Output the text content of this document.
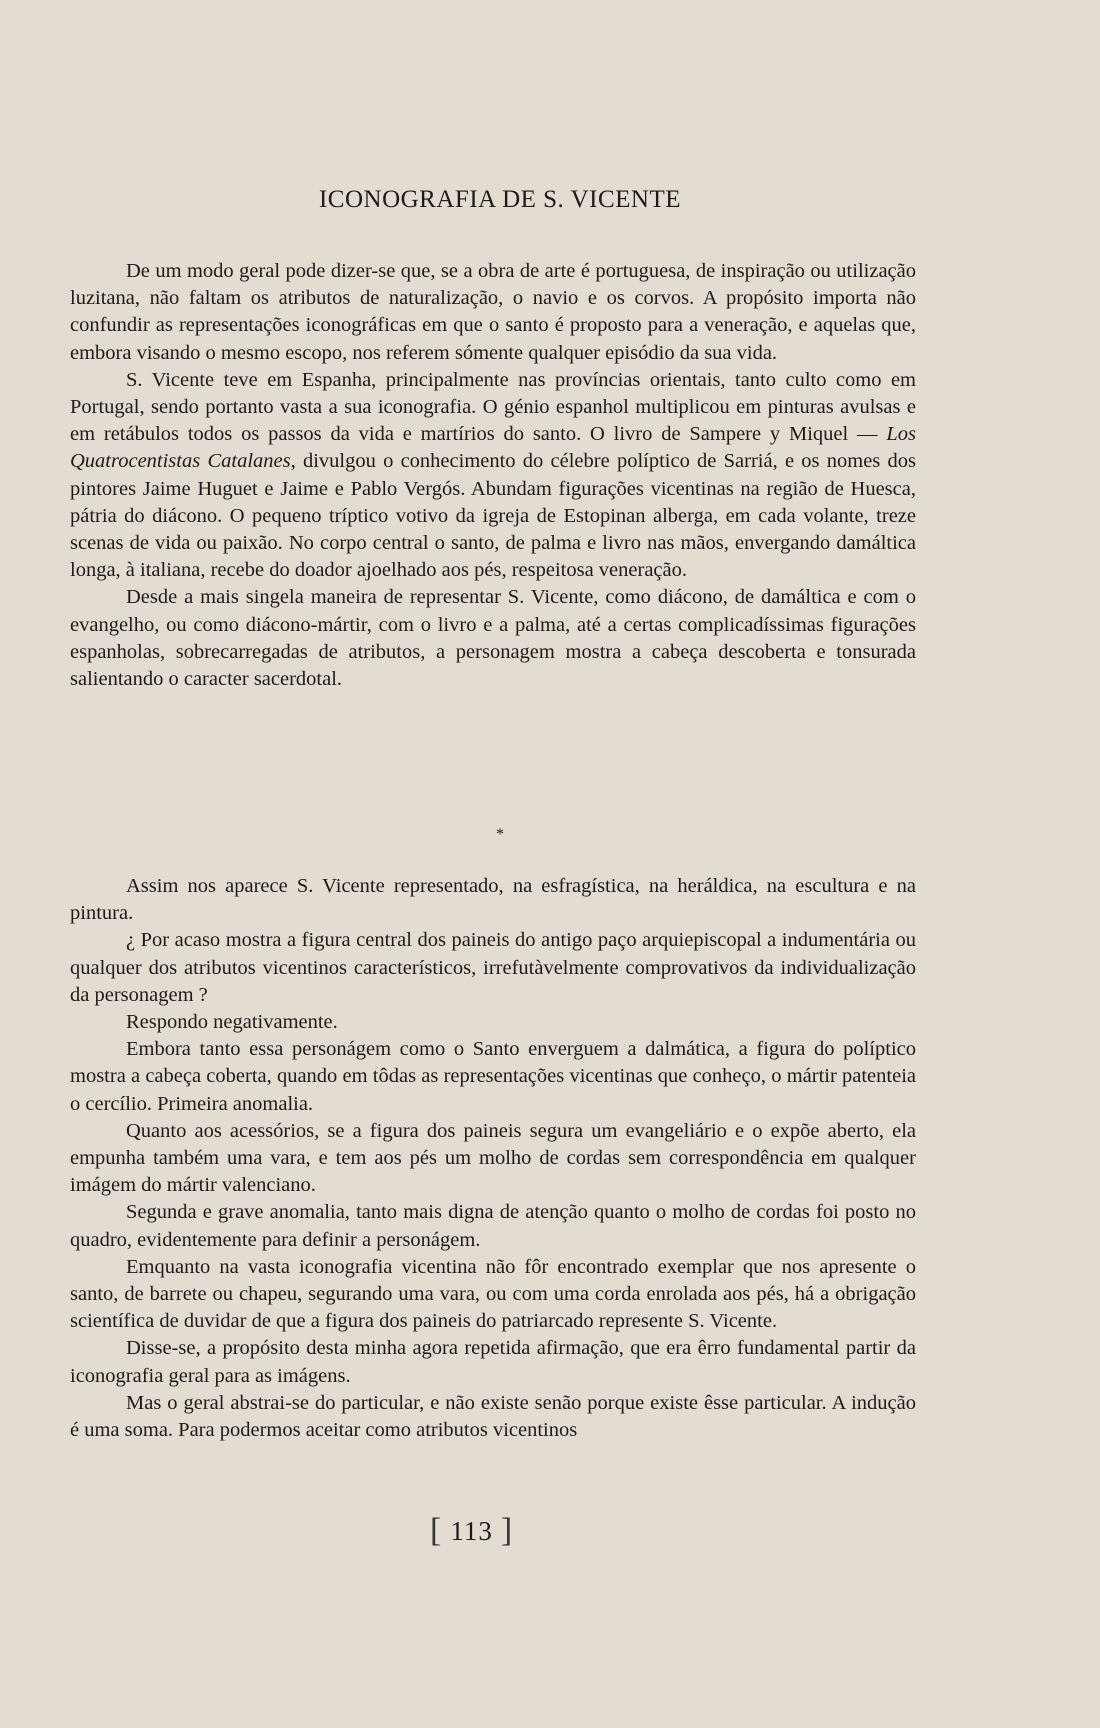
ICONOGRAFIA DE S. VICENTE

De um modo geral pode dizer-se que, se a obra de arte é portuguesa, de inspiração ou utilização luzitana, não faltam os atributos de naturalização, o navio e os corvos. A propósito importa não confundir as representações iconográficas em que o santo é proposto para a veneração, e aquelas que, embora visando o mesmo escopo, nos referem sómente qualquer episódio da sua vida.

S. Vicente teve em Espanha, principalmente nas províncias orientais, tanto culto como em Portugal, sendo portanto vasta a sua iconografia. O génio espanhol multiplicou em pinturas avulsas e em retábulos todos os passos da vida e martírios do santo. O livro de Sampere y Miquel — Los Quatrocentistas Catalanes, divulgou o conhecimento do célebre políptico de Sarriá, e os nomes dos pintores Jaime Huguet e Jaime e Pablo Vergós. Abundam figurações vicentinas na região de Huesca, pátria do diácono. O pequeno tríptico votivo da igreja de Estopinan alberga, em cada volante, treze scenas de vida ou paixão. No corpo central o santo, de palma e livro nas mãos, envergando damáltica longa, à italiana, recebe do doador ajoelhado aos pés, respeitosa veneração.

Desde a mais singela maneira de representar S. Vicente, como diácono, de damáltica e com o evangelho, ou como diácono-mártir, com o livro e a palma, até a certas complicadíssimas figurações espanholas, sobrecarregadas de atributos, a personagem mostra a cabeça descoberta e tonsurada salientando o caracter sacerdotal.

*

Assim nos aparece S. Vicente representado, na esfragística, na heráldica, na escultura e na pintura.

¿ Por acaso mostra a figura central dos paineis do antigo paço arquiepiscopal a indumentária ou qualquer dos atributos vicentinos característicos, irrefutàvelmente comprovativos da individualização da personagem ?

Respondo negativamente.

Embora tanto essa personágem como o Santo enverguem a dalmática, a figura do políptico mostra a cabeça coberta, quando em tôdas as representações vicentinas que conheço, o mártir patenteia o cercílio. Primeira anomalia.

Quanto aos acessórios, se a figura dos paineis segura um evangeliário e o expõe aberto, ela empunha também uma vara, e tem aos pés um molho de cordas sem correspondência em qualquer imágem do mártir valenciano.

Segunda e grave anomalia, tanto mais digna de atenção quanto o molho de cordas foi posto no quadro, evidentemente para definir a personágem.

Emquanto na vasta iconografia vicentina não fôr encontrado exemplar que nos apresente o santo, de barrete ou chapeu, segurando uma vara, ou com uma corda enrolada aos pés, há a obrigação scientífica de duvidar de que a figura dos paineis do patriarcado represente S. Vicente.

Disse-se, a propósito desta minha agora repetida afirmação, que era êrro fundamental partir da iconografia geral para as imágens.

Mas o geral abstrai-se do particular, e não existe senão porque existe êsse particular. A indução é uma soma. Para podermos aceitar como atributos vicentinos

[ 113 ]
